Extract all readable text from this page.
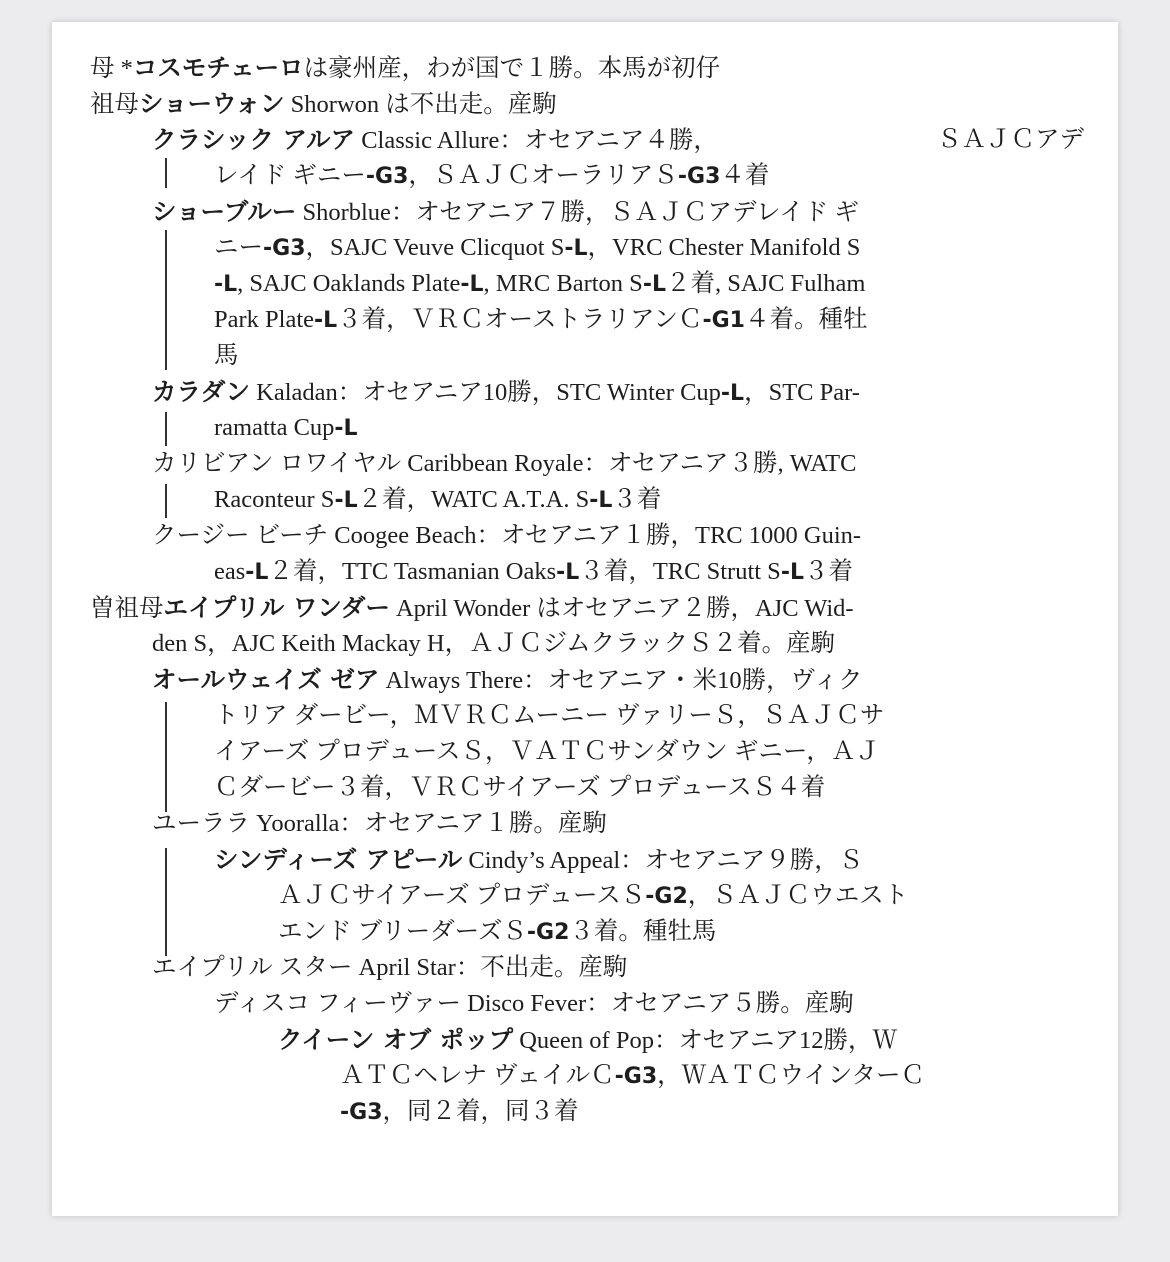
母 *コスモチェーロは豪州産，わが国で１勝。本馬が初仔
祖母ショーウォン Shorwon は不出走。産駒
クラシック アルア Classic Allure：オセアニア４勝，	ＳＡＪＣアデ
レイド ギニー-G3，ＳＡＪＣオーラリアＳ-G3４着
ショーブルー Shorblue：オセアニア７勝，ＳＡＪＣアデレイド ギ
ニー-G3，SAJC Veuve Clicquot S-L，VRC Chester Manifold S
-L, SAJC Oaklands Plate-L, MRC Barton S-L２着, SAJC Fulham
Park Plate-L３着，ＶＲＣオーストラリアンＣ-G1４着。種牡
馬
カラダン Kaladan：オセアニア10勝，STC Winter Cup-L，STC Par-
ramatta Cup-L
カリビアン ロワイヤル Caribbean Royale：オセアニア３勝, WATC
Raconteur S-L２着，WATC A.T.A. S-L３着
クージー ビーチ Coogee Beach：オセアニア１勝，TRC 1000 Guin-
eas-L２着，TTC Tasmanian Oaks-L３着，TRC Strutt S-L３着
曽祖母エイプリル ワンダー April Wonder はオセアニア２勝，AJC Wid-
den S，AJC Keith Mackay H，ＡＪＣジムクラックＳ２着。産駒
オールウェイズ ゼア Always There：オセアニア・米10勝，ヴィク
トリア ダービー，ＭＶＲＣムーニー ヴァリーＳ，ＳＡＪＣサ
イアーズ プロデュースＳ，ＶＡＴＣサンダウン ギニー，ＡＪ
Ｃダービー３着，ＶＲＣサイアーズ プロデュースＳ４着
ユーララ Yooralla：オセアニア１勝。産駒
シンディーズ アピール Cindy’s Appeal：オセアニア９勝，Ｓ
ＡＪＣサイアーズ プロデュースＳ-G2，ＳＡＪＣウエスト
エンド ブリーダーズＳ-G2３着。種牡馬
エイプリル スター April Star：不出走。産駒
ディスコ フィーヴァー Disco Fever：オセアニア５勝。産駒
クイーン オブ ポップ Queen of Pop：オセアニア12勝，Ｗ
ＡＴＣヘレナ ヴェイルＣ-G3，ＷＡＴＣウインターＣ
-G3，同２着，同３着
